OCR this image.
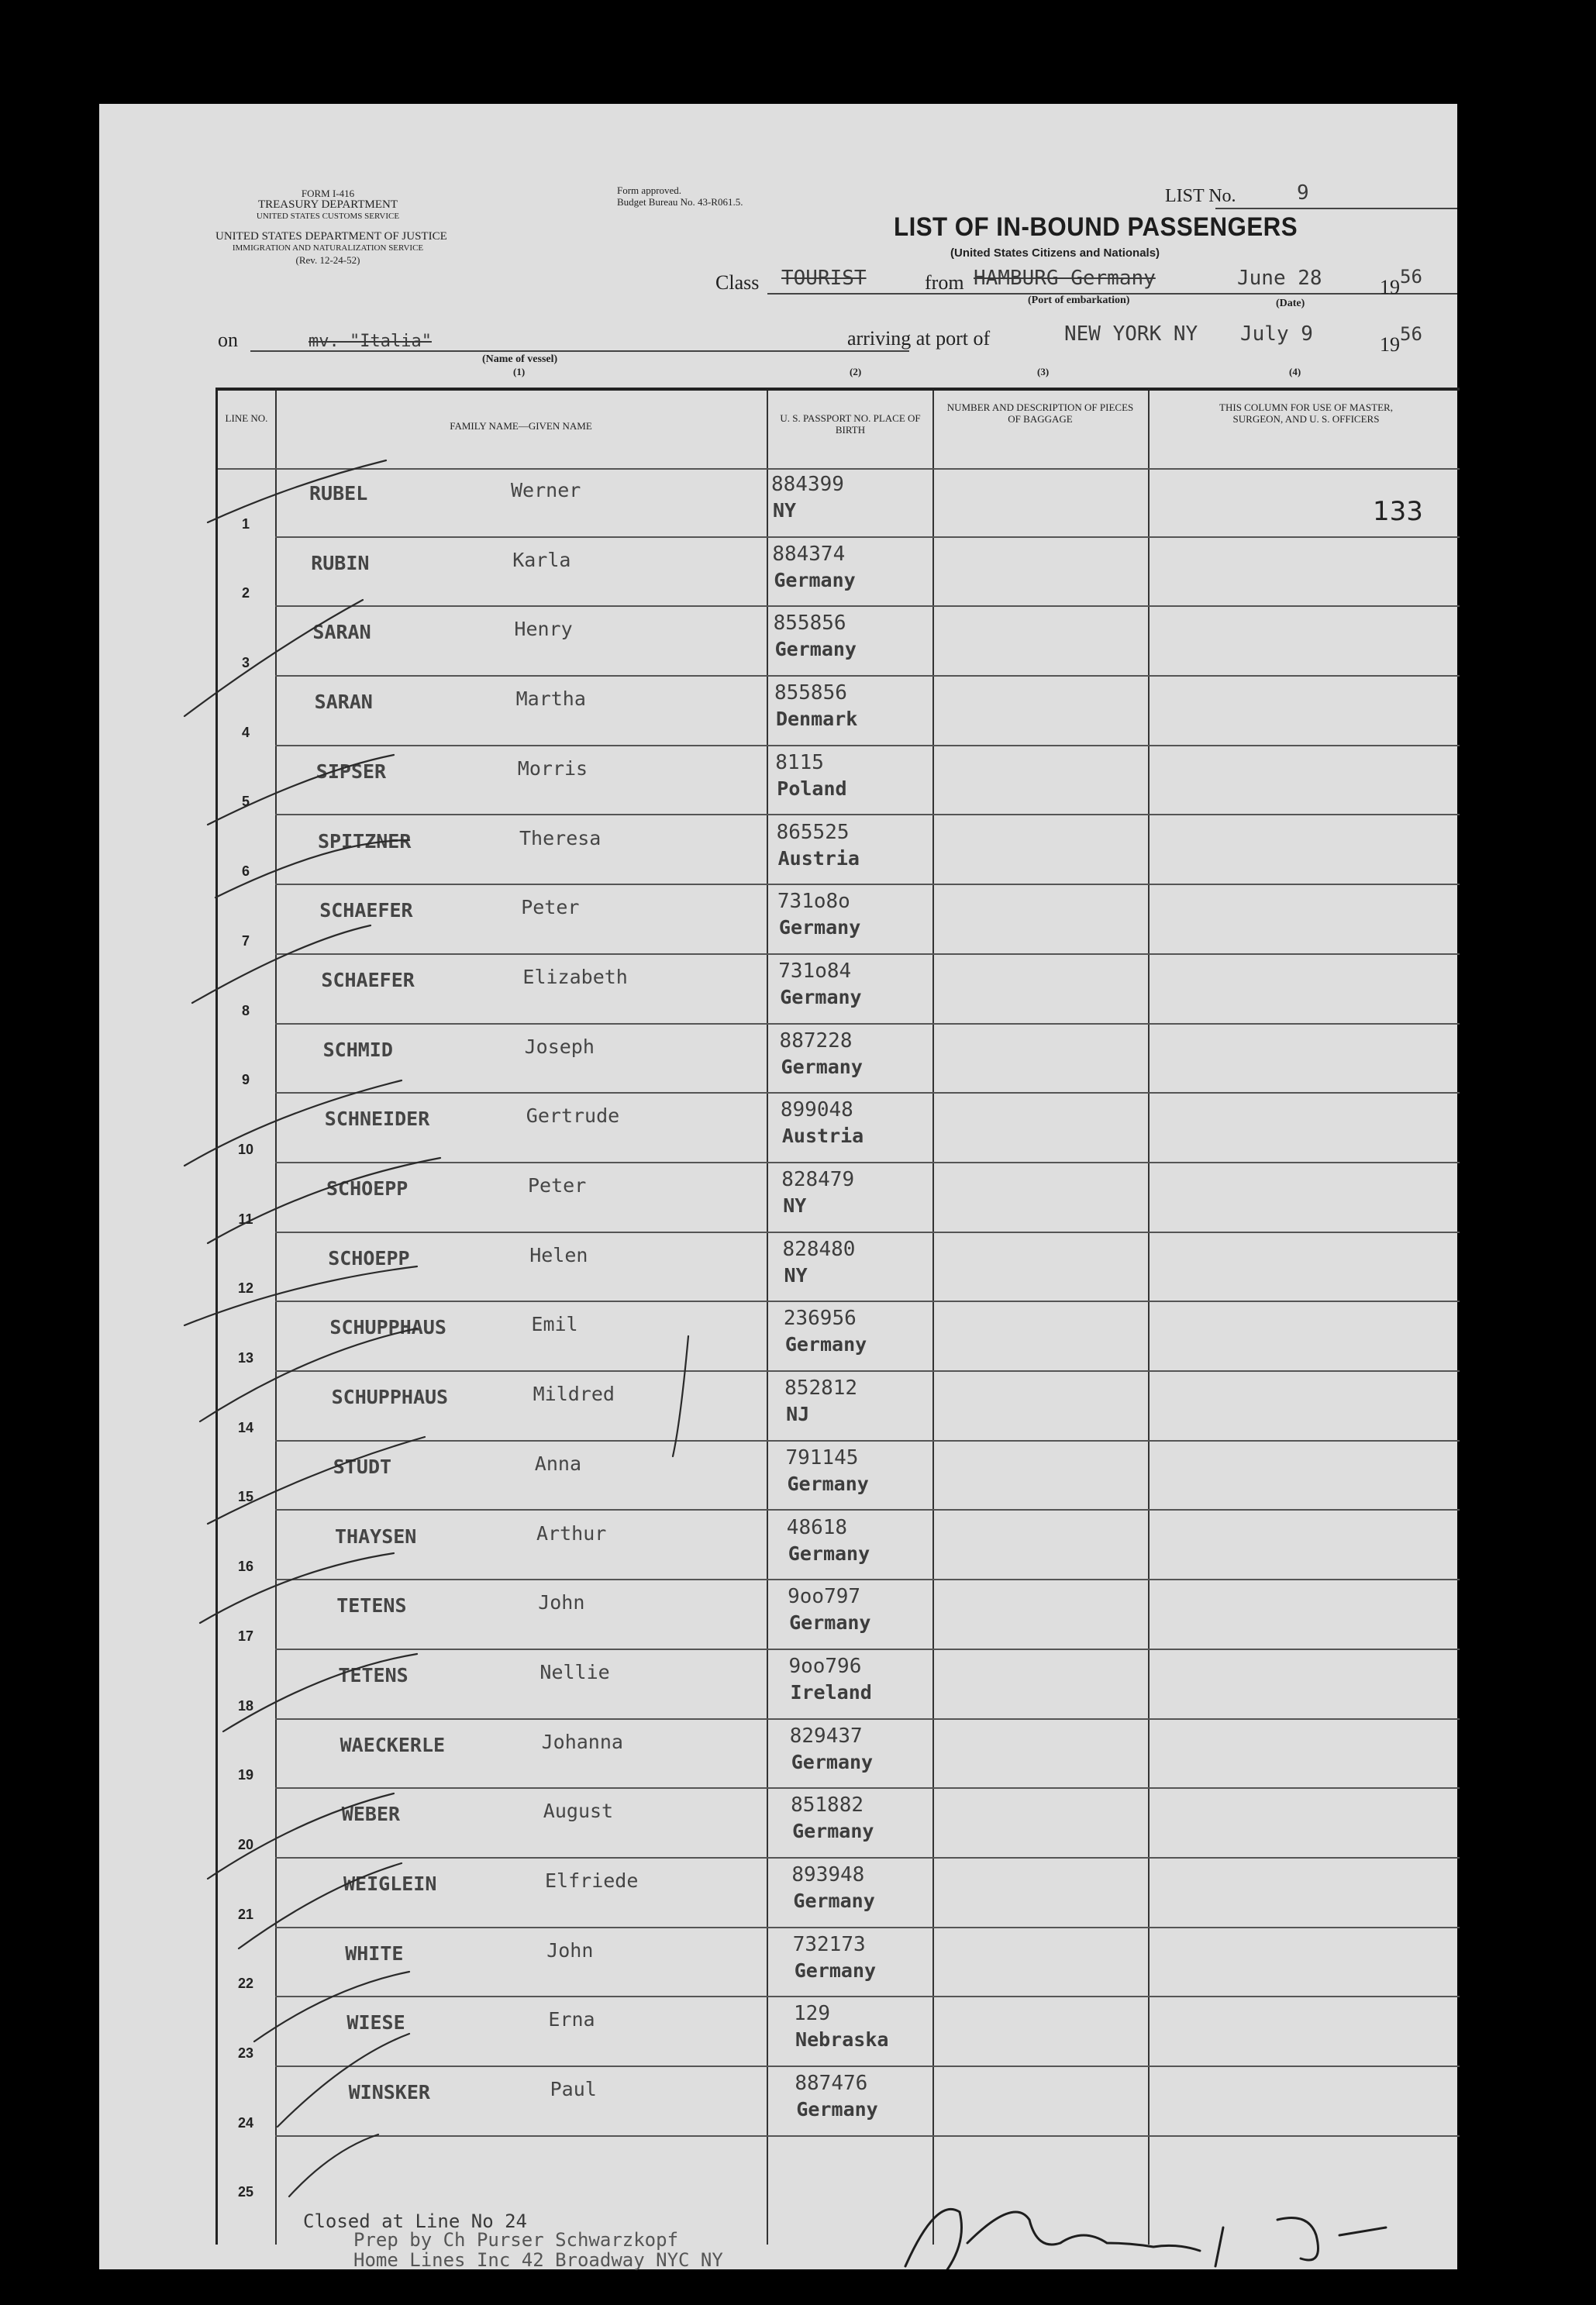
FORM I-416
TREASURY DEPARTMENT
UNITED STATES CUSTOMS SERVICE
UNITED STATES DEPARTMENT OF JUSTICE
IMMIGRATION AND NATURALIZATION SERVICE
(Rev. 12-24-52)
Form approved.
Budget Bureau No. 43-R061.5.	LIST No.	9
LIST OF IN-BOUND PASSENGERS
(United States Citizens and Nationals)
Class TOURIST	from HAMBURG Germany	June 28	1956
(Port of embarkation)	(Date)
on	mv. "Italia"
(Name of vessel)
(1)	(2)
arriving at port of	NEW YORK NY July 9	1956
(3)	(4)
LINE NO.
FAMILY NAME—GIVEN NAME
U. S. PASSPORT NO. PLACE OF BIRTH
NUMBER AND DESCRIPTION OF PIECES OF BAGGAGE
THIS COLUMN FOR USE OF MASTER, SURGEON, AND U. S. OFFICERS
133
1
RUBEL	Werner	884399
NY
2
RUBIN	Karla	884374
Germany
3
SARAN	Henry	855856
Germany
4
SARAN	Martha	855856
Denmark
5
SIPSER	Morris	8115
Poland
6
SPITZNER	Theresa	865525
Austria
7
SCHAEFER	Peter	731o8o
Germany
8
SCHAEFER	Elizabeth	731o84
Germany
9
SCHMID	Joseph	887228
Germany
10
SCHNEIDER	Gertrude	899048
Austria
11
SCHOEPP	Peter	828479
NY
12
SCHOEPP	Helen	828480
NY
13
SCHUPPHAUS	Emil	236956
Germany
14
SCHUPPHAUS	Mildred	852812
NJ
15
STUDT	Anna	791145
Germany
16
THAYSEN	Arthur	48618
Germany
17
TETENS	John	9oo797
Germany
18
TETENS	Nellie	9oo796
Ireland
19
WAECKERLE	Johanna	829437
Germany
20
WEBER	August	851882
Germany
21
WEIGLEIN	Elfriede	893948
Germany
22
WHITE	John	732173
Germany
23
WIESE	Erna	129
Nebraska
24
WINSKER	Paul	887476
Germany
25
Closed at Line No 24
Prep by Ch Purser Schwarzkopf
Home Lines Inc 42 Broadway NYC NY
